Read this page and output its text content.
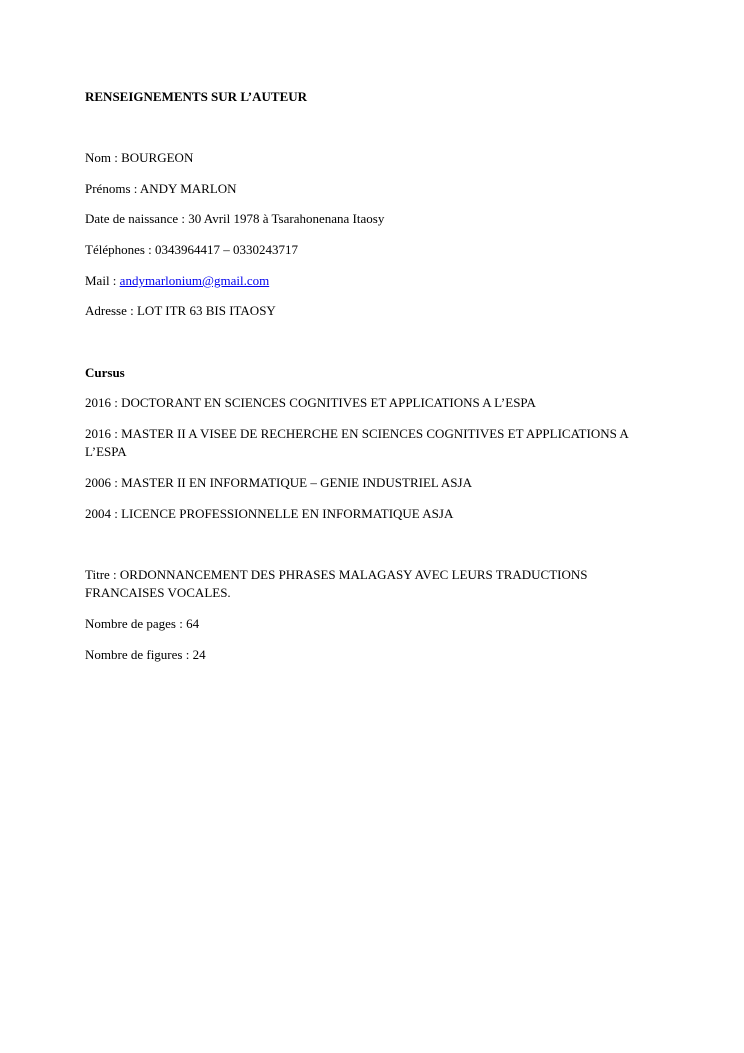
RENSEIGNEMENTS SUR L’AUTEUR
Nom : BOURGEON
Prénoms : ANDY MARLON
Date de naissance : 30 Avril 1978 à Tsarahonenana Itaosy
Téléphones : 0343964417 – 0330243717
Mail : andymarlonium@gmail.com
Adresse : LOT ITR 63 BIS ITAOSY
Cursus
2016 : DOCTORANT EN SCIENCES COGNITIVES ET APPLICATIONS A L’ESPA
2016 : MASTER II A VISEE DE RECHERCHE EN SCIENCES COGNITIVES ET APPLICATIONS A L’ESPA
2006 : MASTER II EN INFORMATIQUE – GENIE INDUSTRIEL ASJA
2004 : LICENCE PROFESSIONNELLE EN INFORMATIQUE ASJA
Titre : ORDONNANCEMENT DES PHRASES MALAGASY AVEC LEURS TRADUCTIONS FRANCAISES VOCALES.
Nombre de pages : 64
Nombre de figures : 24
